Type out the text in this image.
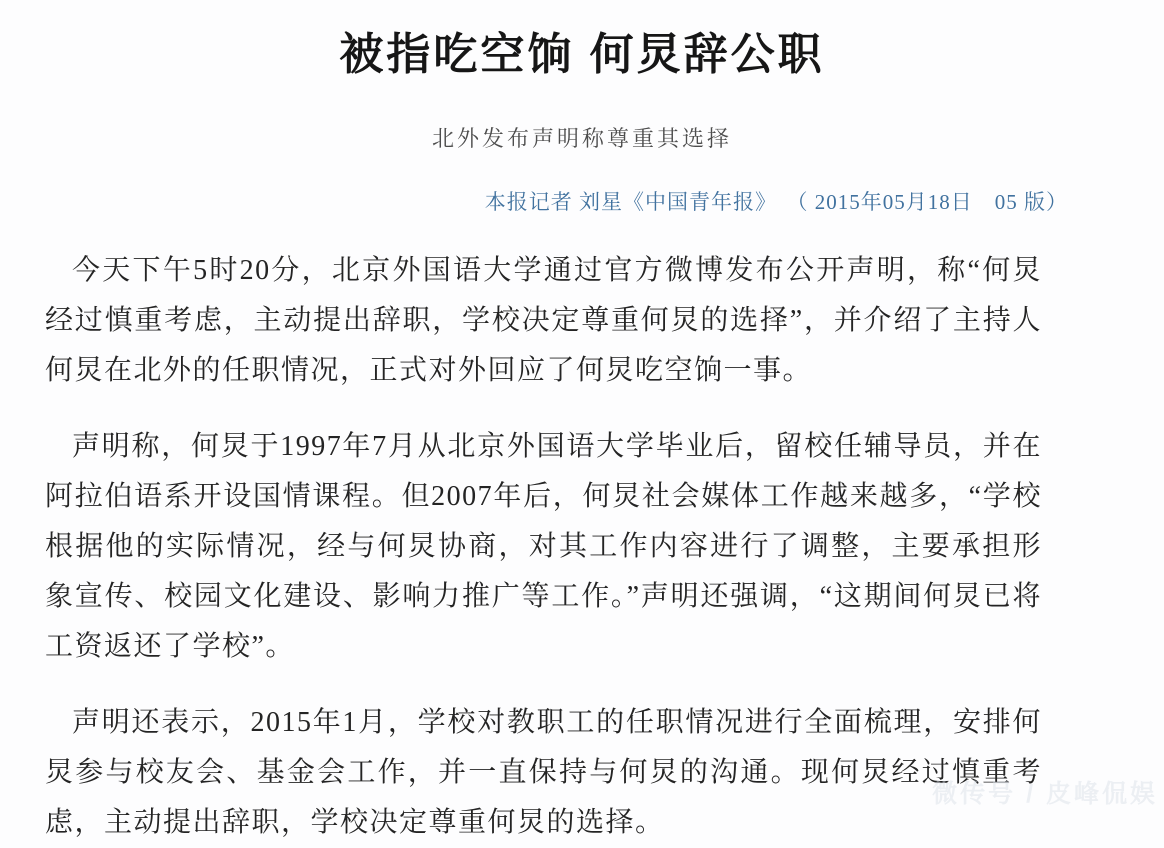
被指吃空饷 何炅辞公职
北外发布声明称尊重其选择
本报记者 刘星《中国青年报》 （ 2015年05月18日　05 版）

今天下午5时20分，北京外国语大学通过官方微博发布公开声明，称“何炅经过慎重考虑，主动提出辞职，学校决定尊重何炅的选择”，并介绍了主持人何炅在北外的任职情况，正式对外回应了何炅吃空饷一事。

声明称，何炅于1997年7月从北京外国语大学毕业后，留校任辅导员，并在阿拉伯语系开设国情课程。但2007年后，何炅社会媒体工作越来越多，“学校根据他的实际情况，经与何炅协商，对其工作内容进行了调整，主要承担形象宣传、校园文化建设、影响力推广等工作。”声明还强调，“这期间何炅已将工资返还了学校”。

声明还表示，2015年1月，学校对教职工的任职情况进行全面梳理，安排何炅参与校友会、基金会工作，并一直保持与何炅的沟通。现何炅经过慎重考虑，主动提出辞职，学校决定尊重何炅的选择。

微传号 / 皮峰侃娱
